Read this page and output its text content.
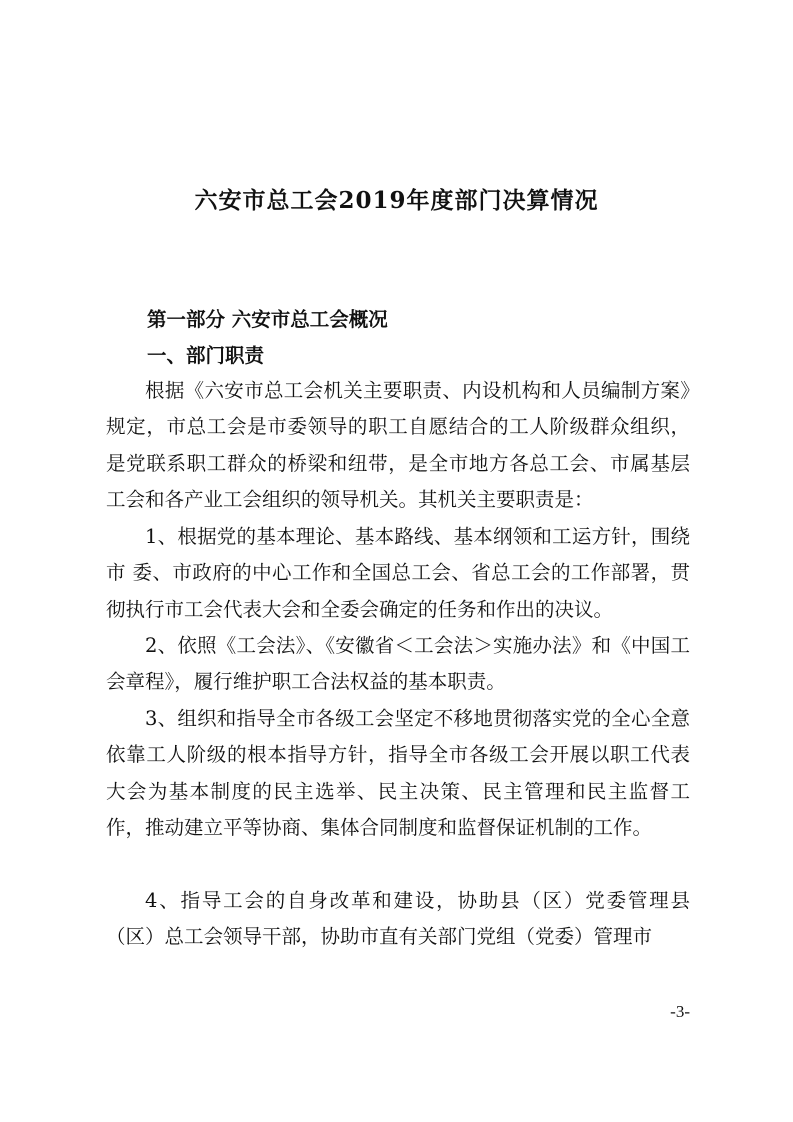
六安市总工会2019年度部门决算情况
第一部分 六安市总工会概况
一、部门职责

根据《六安市总工会机关主要职责、内设机构和人员编制方案》规定，市总工会是市委领导的职工自愿结合的工人阶级群众组织，是党联系职工群众的桥梁和纽带，是全市地方各总工会、市属基层工会和各产业工会组织的领导机关。其机关主要职责是：

1、根据党的基本理论、基本路线、基本纲领和工运方针，围绕市 委、市政府的中心工作和全国总工会、省总工会的工作部署，贯彻执行市工会代表大会和全委会确定的任务和作出的决议。

2、依照《工会法》、《安徽省＜工会法＞实施办法》和《中国工会章程》，履行维护职工合法权益的基本职责。

3、组织和指导全市各级工会坚定不移地贯彻落实党的全心全意依靠工人阶级的根本指导方针，指导全市各级工会开展以职工代表大会为基本制度的民主选举、民主决策、民主管理和民主监督工作，推动建立平等协商、集体合同制度和监督保证机制的工作。

4、指导工会的自身改革和建设，协助县（区）党委管理县（区）总工会领导干部，协助市直有关部门党组（党委）管理市

-3-
